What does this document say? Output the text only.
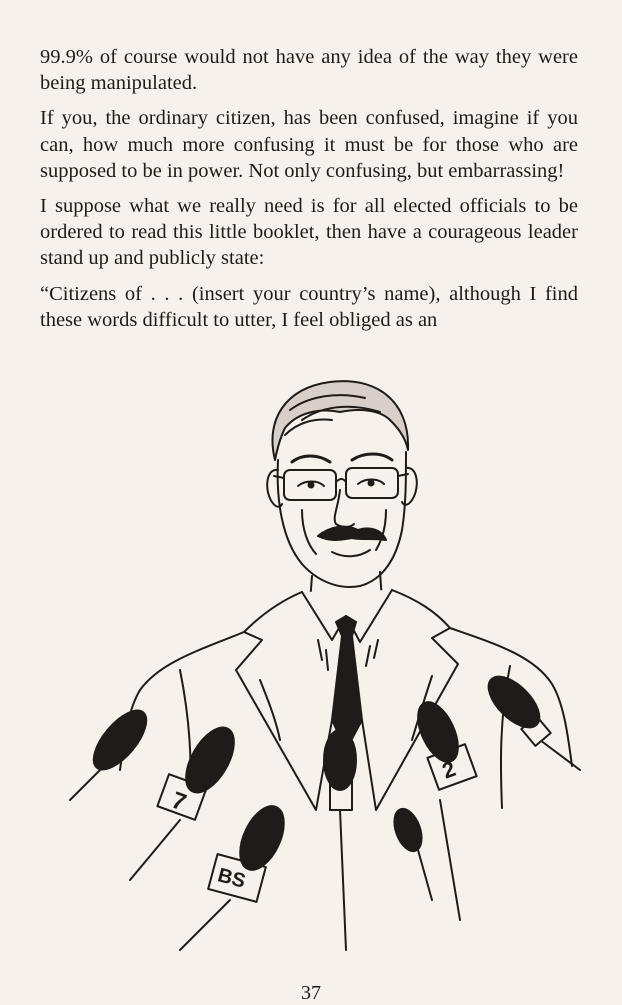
99.9% of course would not have any idea of the way they were being manipulated.

If you, the ordinary citizen, has been confused, imagine if you can, how much more confusing it must be for those who are supposed to be in power. Not only confusing, but embarrassing!

I suppose what we really need is for all elected officials to be ordered to read this little booklet, then have a courageous leader stand up and publicly state:

“Citizens of . . . (insert your country’s name), although I find these words difficult to utter, I feel obliged as an

7
2
BS
37
